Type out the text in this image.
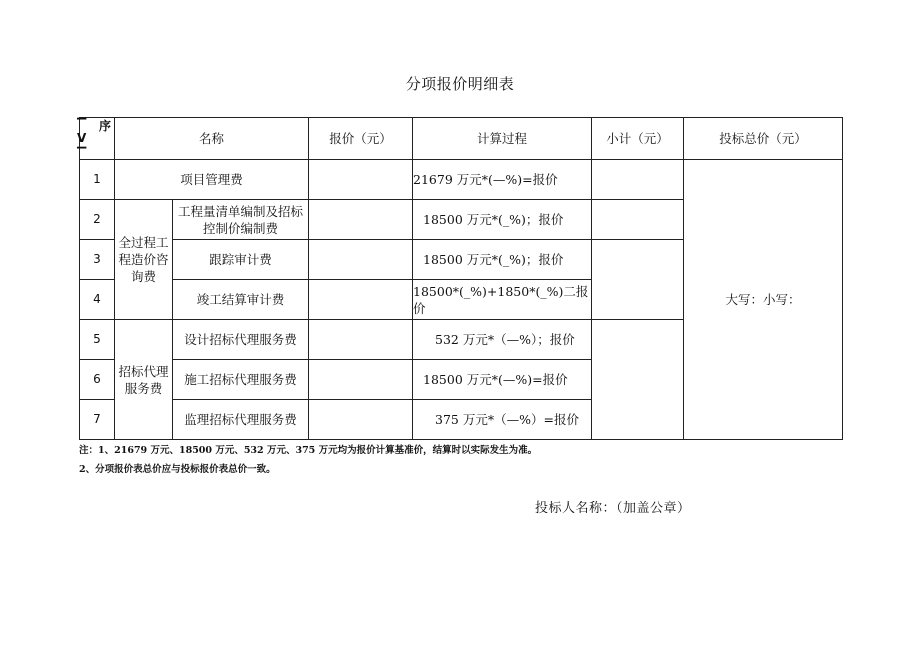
分项报价明细表
▔
V
▔
序	名称		报价（元）	计算过程	小计（元）	投标总价（元）
1	项目管理费			21679 万元*(—%)=报价		大写：小写：
2	全过程工程造价咨询费	工程量清单编制及招标控制价编制费		18500 万元*(_%)；报价		
3		跟踪审计费		18500 万元*(_%)；报价		
4		竣工结算审计费		18500*(_%)+1850*(_%)二报价		
5	招标代理服务费	设计招标代理服务费		532 万元*（—%）；报价		
6		施工招标代理服务费		18500 万元*(—%)=报价		
7		监理招标代理服务费		375 万元*（—%）=报价		
注：1、21679 万元、18500 万元、532 万元、375 万元均为报价计算基准价，结算时以实际发生为准。
2、分项报价表总价应与投标报价表总价一致。
投标人名称：（加盖公章）
